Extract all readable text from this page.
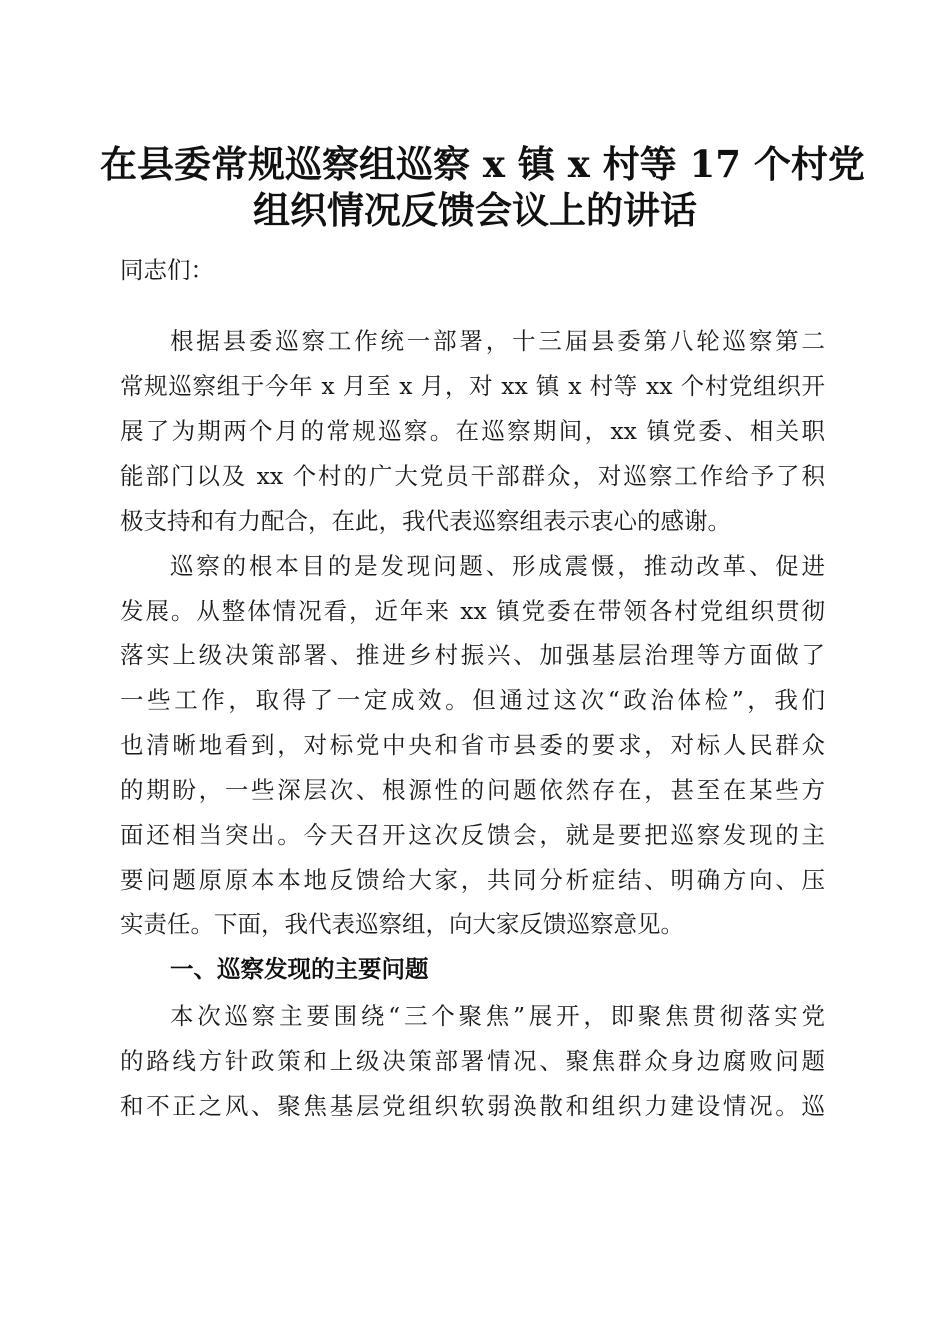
在县委常规巡察组巡察 x 镇 x 村等 17 个村党
组织情况反馈会议上的讲话
同志们：
根据县委巡察工作统一部署，十三届县委第八轮巡察第二
常规巡察组于今年 x 月至 x 月，对 xx 镇 x 村等 xx 个村党组织开
展了为期两个月的常规巡察。在巡察期间，xx 镇党委、相关职
能部门以及 xx 个村的广大党员干部群众，对巡察工作给予了积
极支持和有力配合，在此，我代表巡察组表示衷心的感谢。
巡察的根本目的是发现问题、形成震慑，推动改革、促进
发展。从整体情况看，近年来 xx 镇党委在带领各村党组织贯彻
落实上级决策部署、推进乡村振兴、加强基层治理等方面做了
一些工作，取得了一定成效。但通过这次“政治体检”，我们
也清晰地看到，对标党中央和省市县委的要求，对标人民群众
的期盼，一些深层次、根源性的问题依然存在，甚至在某些方
面还相当突出。今天召开这次反馈会，就是要把巡察发现的主
要问题原原本本地反馈给大家，共同分析症结、明确方向、压
实责任。下面，我代表巡察组，向大家反馈巡察意见。
一、巡察发现的主要问题
本次巡察主要围绕“三个聚焦”展开，即聚焦贯彻落实党
的路线方针政策和上级决策部署情况、聚焦群众身边腐败问题
和不正之风、聚焦基层党组织软弱涣散和组织力建设情况。巡
